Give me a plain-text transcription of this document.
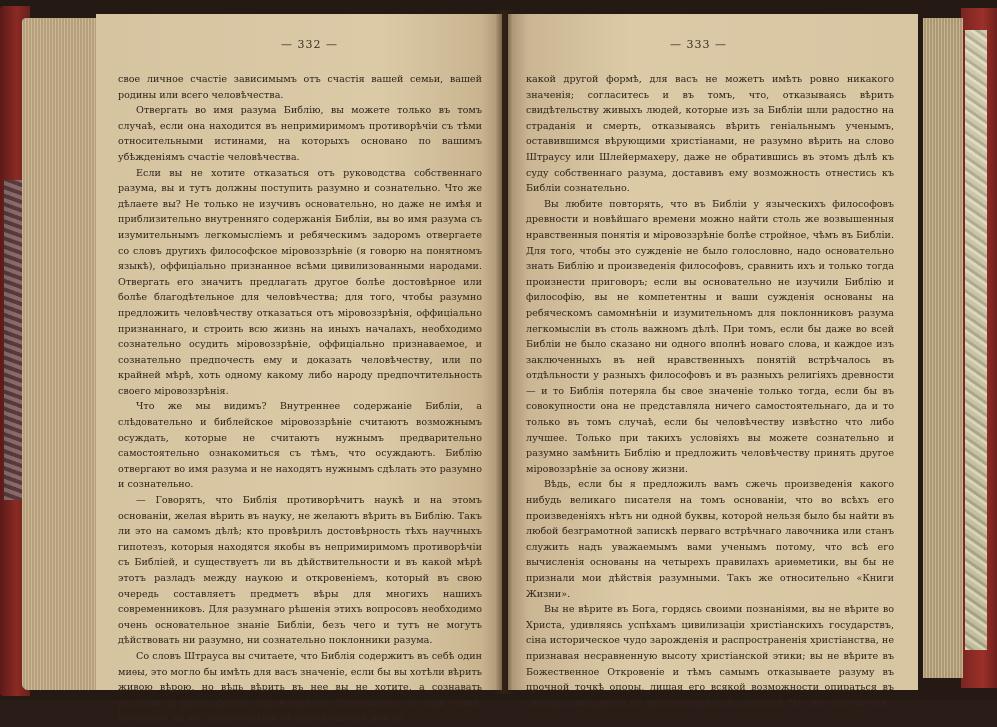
— 332 —

свое личное счастіе зависимымъ отъ счастія вашей семьи, вашей родины или всего человѣчества.

Отвергать во имя разума Библію, вы можете только въ томъ случаѣ, если она находится въ непримиримомъ противорѣчіи съ тѣми относительными истинами, на которыхъ основано по вашимъ убѣжденіямъ счастіе человѣчества.

Если вы не хотите отказаться отъ руководства собственнаго разума, вы и тутъ должны поступить разумно и сознательно. Что же дѣлаете вы? Не только не изучивъ основательно, но даже не имѣя и приблизительно внутренняго содержанія Библіи, вы во имя разума съ изумительнымъ легкомысліемъ и ребяческимъ задоромъ отвергаете со словъ другихъ философское міровоззрѣніе (я говорю на понятномъ языкѣ), оффиціально признанное всѣми цивилизованными народами. Отвергать его значитъ предлагать другое болѣе достовѣрное или болѣе благодѣтельное для человѣчества; для того, чтобы разумно предложить человѣчеству отказаться отъ міровоззрѣнія, оффиціально признаннаго, и строить всю жизнь на иныхъ началахъ, необходимо сознательно осудить міровоззрѣніе, оффиціально признаваемое, и сознательно предпочесть ему и доказать человѣчеству, или по крайней мѣрѣ, хоть одному какому либо народу предпочтительность своего міровоззрѣнія.

Что же мы видимъ? Внутреннее содержаніе Библіи, а слѣдовательно и библейское міровоззрѣніе считаютъ возможнымъ осуждать, которые не считаютъ нужнымъ предварительно самостоятельно ознакомиться съ тѣмъ, что осуждаютъ. Библію отвергают во имя разума и не находятъ нужнымъ сдѣлать это разумно и сознательно.

— Говорятъ, что Библія противорѣчитъ наукѣ и на этомъ основаніи, желая вѣрить въ науку, не желаютъ вѣрить въ Библію. Такъ ли это на самомъ дѣлѣ; кто провѣрилъ достовѣрность тѣхъ научныхъ гипотезъ, которыя находятся якобы въ непримиримомъ противорѣчіи съ Библіей, и существуетъ ли въ дѣйствительности и въ какой мѣрѣ этотъ разладъ между наукою и откровеніемъ, который въ свою очередь составляетъ предметъ вѣры для многихъ нашихъ современниковъ. Для разумнаго рѣшенія этихъ вопросовъ необходимо очень основательное знаніе Библіи, безъ чего и тутъ не могутъ дѣйствовать ни разумно, ни сознательно поклонники разума.

Со словъ Штрауса вы считаете, что Библія содержитъ въ себѣ один миѳы, это могло бы имѣть для васъ значеніе, если бы вы хотѣли вѣрить живою вѣрою, но вѣдь вѣрить въ нее вы не хотите, а сознавать разумность философскаго міровоззрѣнія. Согласитесь, что при этомъ, изложено ли это міровоззрѣніе въ формѣ миѳовъ или въ

— 333 —

какой другой формѣ, для васъ не можетъ имѣть ровно никакого значенія; согласитесь и въ томъ, что, отказываясь вѣрить свидѣтельству живыхъ людей, которые изъ за Библіи шли радостно на страданія и смерть, отказываясь вѣрить геніальнымъ ученымъ, оставившимся вѣрующими христіанами, не разумно вѣрить на слово Штраусу или Шлейермахеру, даже не обратившись въ этомъ дѣлѣ къ суду собственнаго разума, доставивъ ему возможность отнестись къ Библіи сознательно.

Вы любите повторять, что въ Библіи у языческихъ философовъ древности и новѣйшаго времени можно найти столь же возвышенныя нравственныя понятія и міровоззрѣніе болѣе стройное, чѣмъ въ Библіи. Для того, чтобы это сужденіе не было голословно, надо основательно знать Библію и произведенія философовъ, сравнить ихъ и только тогда произнести приговоръ; если вы основательно не изучили Библію и философію, вы не компетентны и ваши сужденія основаны на ребяческомъ самомнѣніи и изумительномъ для поклонниковъ разума легкомысліи въ столь важномъ дѣлѣ. При томъ, если бы даже во всей Библіи не было сказано ни одного вполнѣ новаго слова, и каждое изъ заключенныхъ въ ней нравственныхъ понятій встрѣчалось въ отдѣльности у разныхъ философовъ и въ разныхъ религіяхъ древности — и то Библія потеряла бы свое значеніе только тогда, если бы въ совокупности она не представляла ничего самостоятельнаго, да и то только въ томъ случаѣ, если бы человѣчеству извѣстно что либо лучшее. Только при такихъ условіяхъ вы можете сознательно и разумно замѣнить Библію и предложить человѣчеству принять другое міровоззрѣніе за основу жизни.

Вѣдь, если бы я предложилъ вамъ сжечь произведенія какого нибудь великаго писателя на томъ основаніи, что во всѣхъ его произведеніяхъ нѣтъ ни одной буквы, которой нельзя было бы найти въ любой безграмотной запискѣ перваго встрѣчнаго лавочника или станъ служить надъ уважаемымъ вами ученымъ потому, что всѣ его вычисленія основаны на четырехъ правилахъ ариѳметики, вы бы не признали мои дѣйствія разумными. Такъ же относительно «Книги Жизни».

Вы не вѣрите въ Бога, гордясь своими познаніями, вы не вѣрите во Христа, удивляясь успѣхамъ цивилизаціи христіанскихъ государствъ, сіна историческое чудо зарожденія и распространенія христіанства, не признавая несравненную высоту христіанской этики; вы не вѣрите въ Божественное Откровеніе и тѣмъ самымъ отказываете разуму въ прочной точкѣ опоры, лишая его всякой возможности опираться въ своихъ изысканіяхъ на знаніи истины абсолютной. Что же получается
